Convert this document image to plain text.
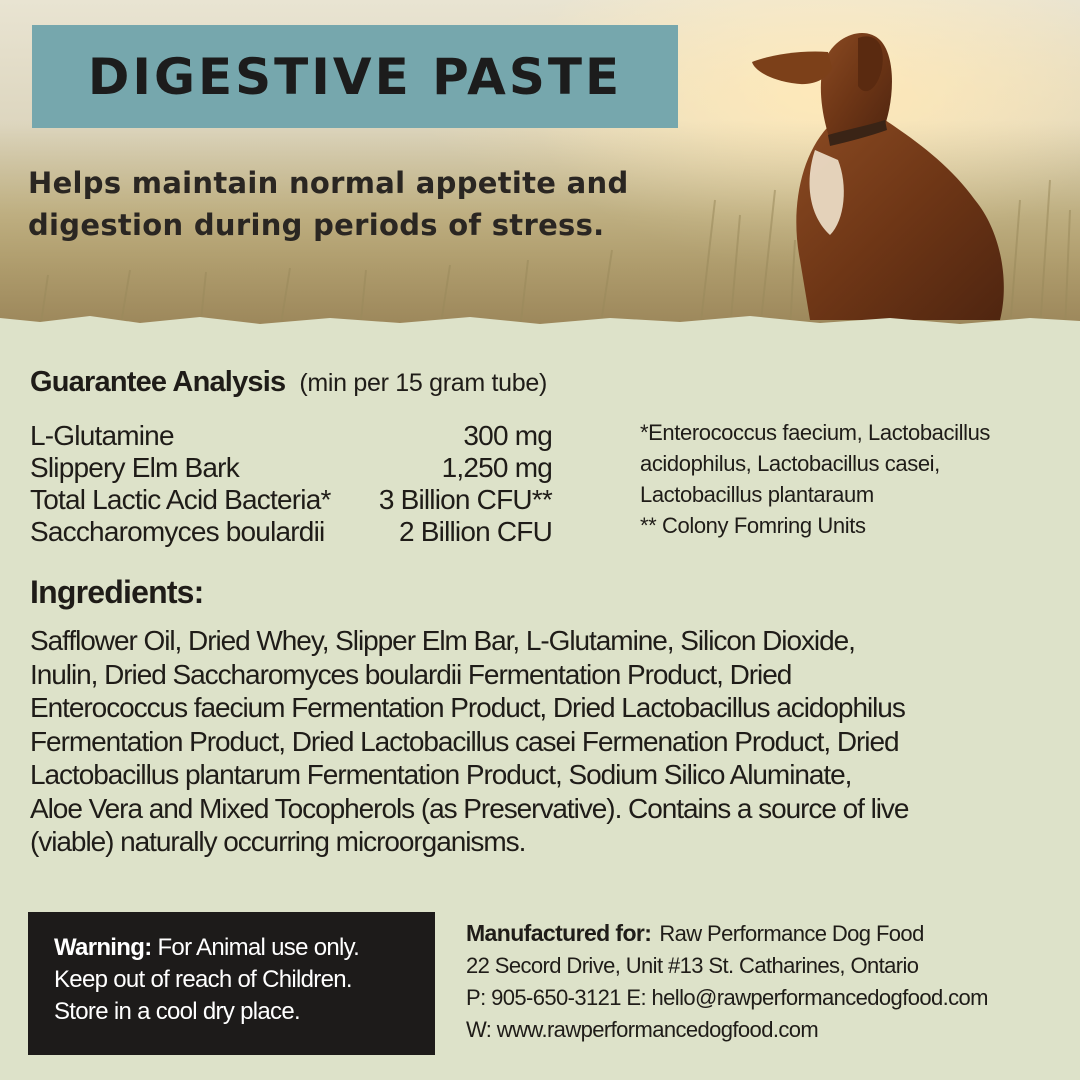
DIGESTIVE PASTE
Helps maintain normal appetite and
digestion during periods of stress.
Guarantee Analysis (min per 15 gram tube)
L-Glutamine	300 mg
Slippery Elm Bark	1,250 mg
Total Lactic Acid Bacteria* 3 Billion CFU**
Saccharomyces boulardii	2 Billion CFU
*Enterococcus faecium, Lactobacillus
acidophilus, Lactobacillus casei,
Lactobacillus plantaraum
** Colony Fomring Units
Ingredients:
Safflower Oil, Dried Whey, Slipper Elm Bar, L-Glutamine, Silicon Dioxide,
Inulin, Dried Saccharomyces boulardii Fermentation Product, Dried
Enterococcus faecium Fermentation Product, Dried Lactobacillus acidophilus
Fermentation Product, Dried Lactobacillus casei Fermenation Product, Dried
Lactobacillus plantarum Fermentation Product, Sodium Silico Aluminate,
Aloe Vera and Mixed Tocopherols (as Preservative). Contains a source of live
(viable) naturally occurring microorganisms.
Warning: For Animal use only.
Keep out of reach of Children.
Store in a cool dry place.
Manufactured for: Raw Performance Dog Food
22 Secord Drive, Unit #13 St. Catharines, Ontario
P: 905-650-3121 E: hello@rawperformancedogfood.com
W: www.rawperformancedogfood.com
